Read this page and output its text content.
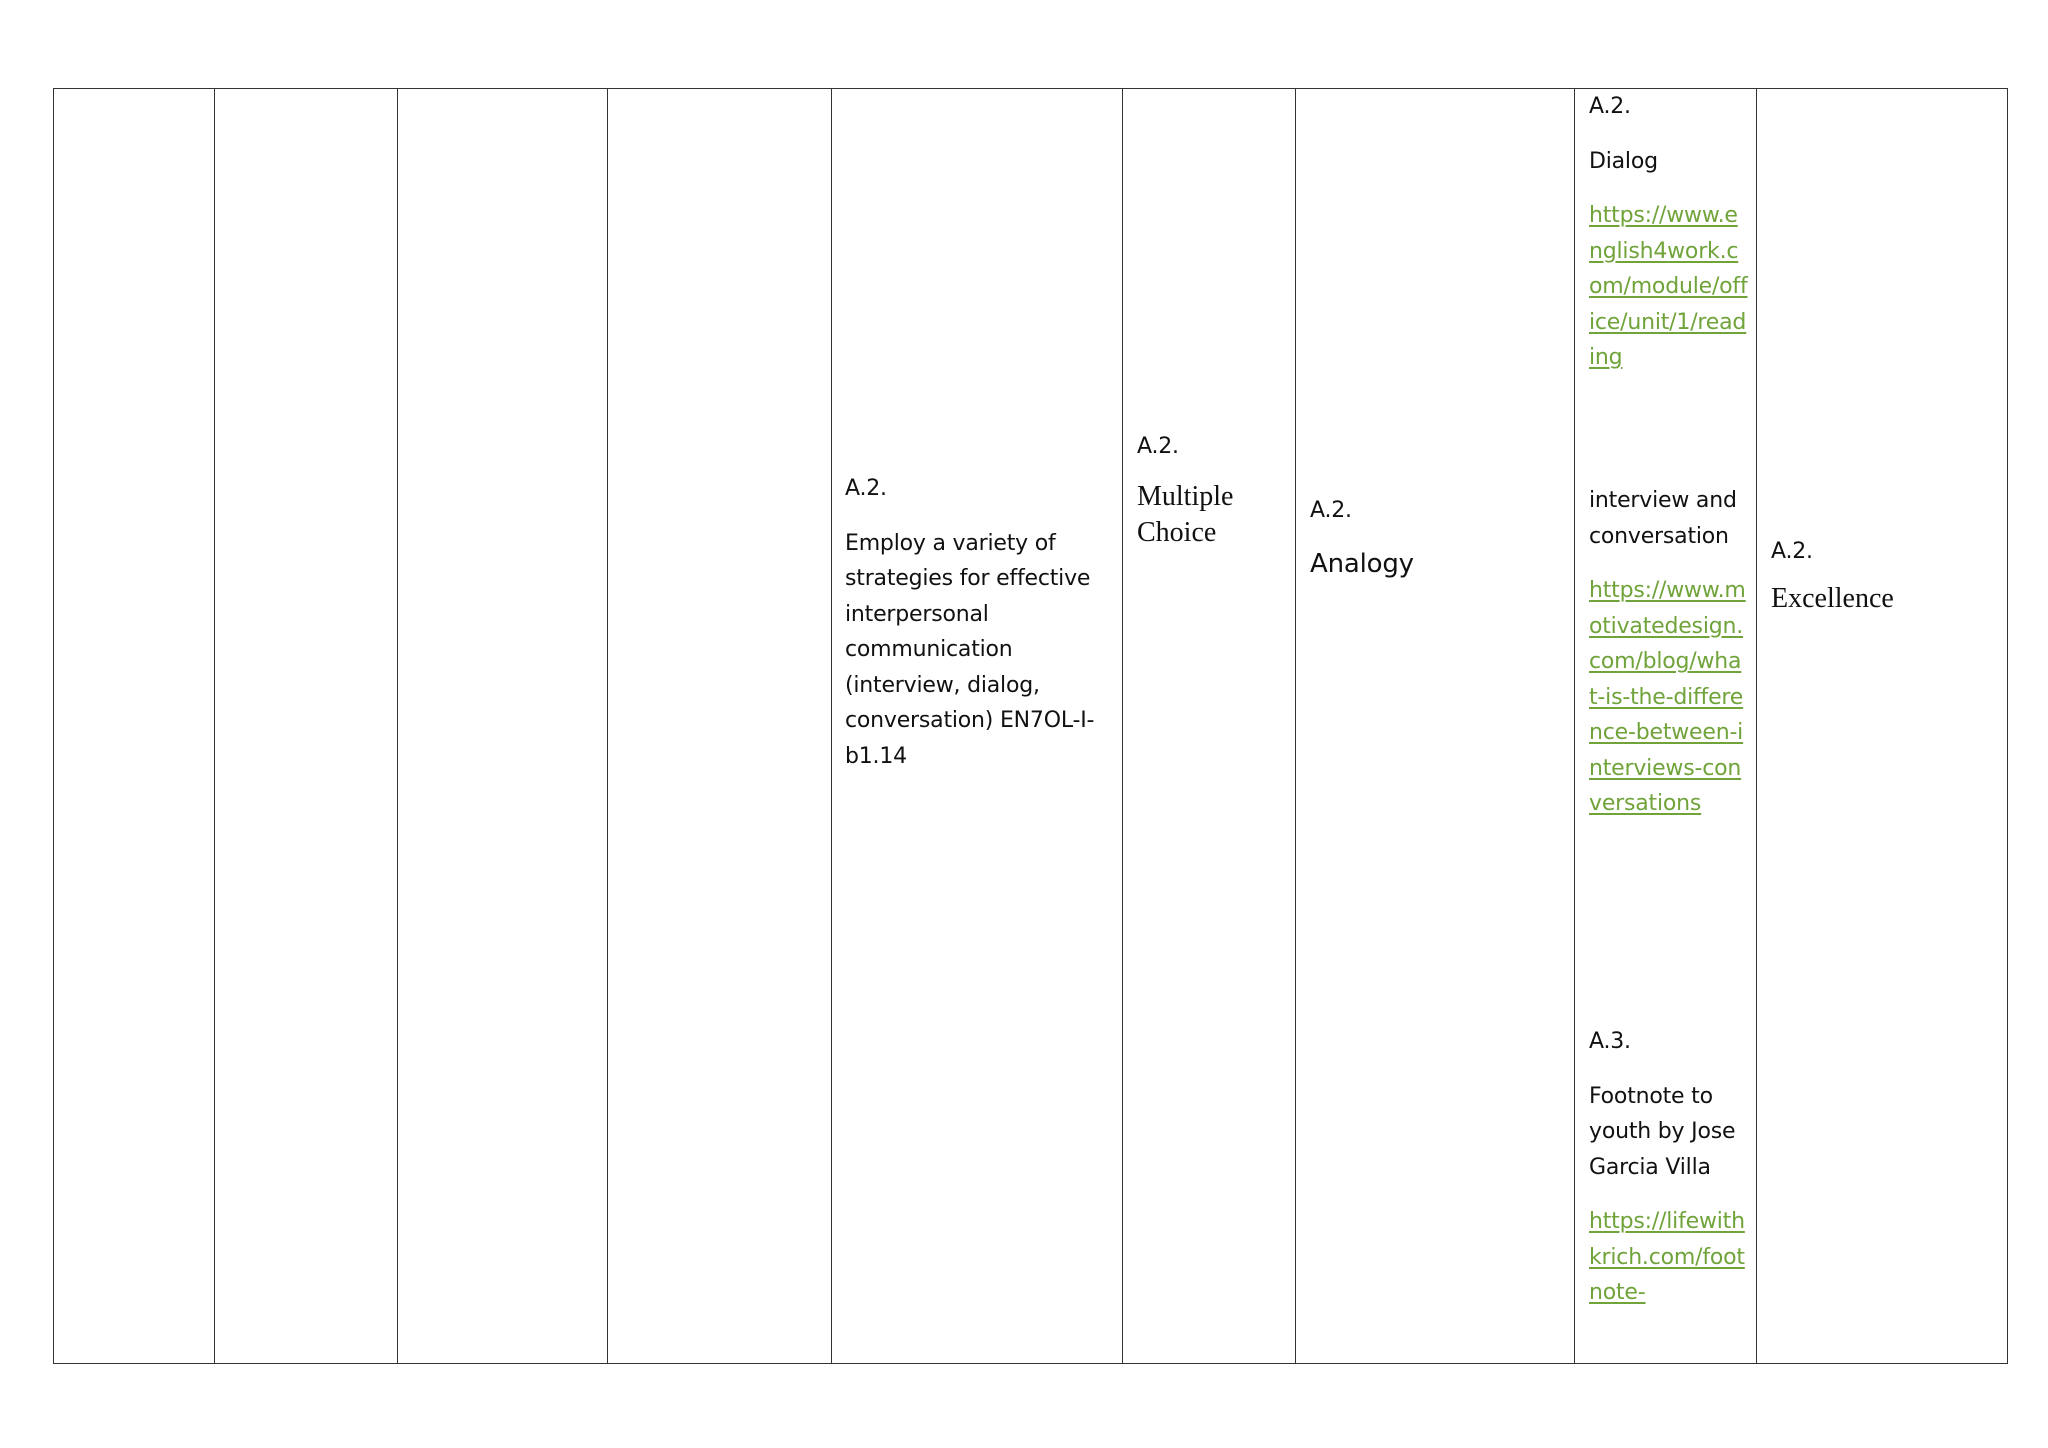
A.2.

Employ a variety of strategies for effective interpersonal communication (interview, dialog, conversation) EN7OL-I-b1.14

A.2.

Multiple Choice

A.2.

Analogy

A.2.

Dialog

https://www.english4work.com/module/office/unit/1/reading

interview and conversation

https://www.motivatedesign.com/blog/what-is-the-difference-between-interviews-conversations

A.3.

Footnote to youth by Jose Garcia Villa

https://lifewithkrich.com/footnote-

A.2.

Excellence
